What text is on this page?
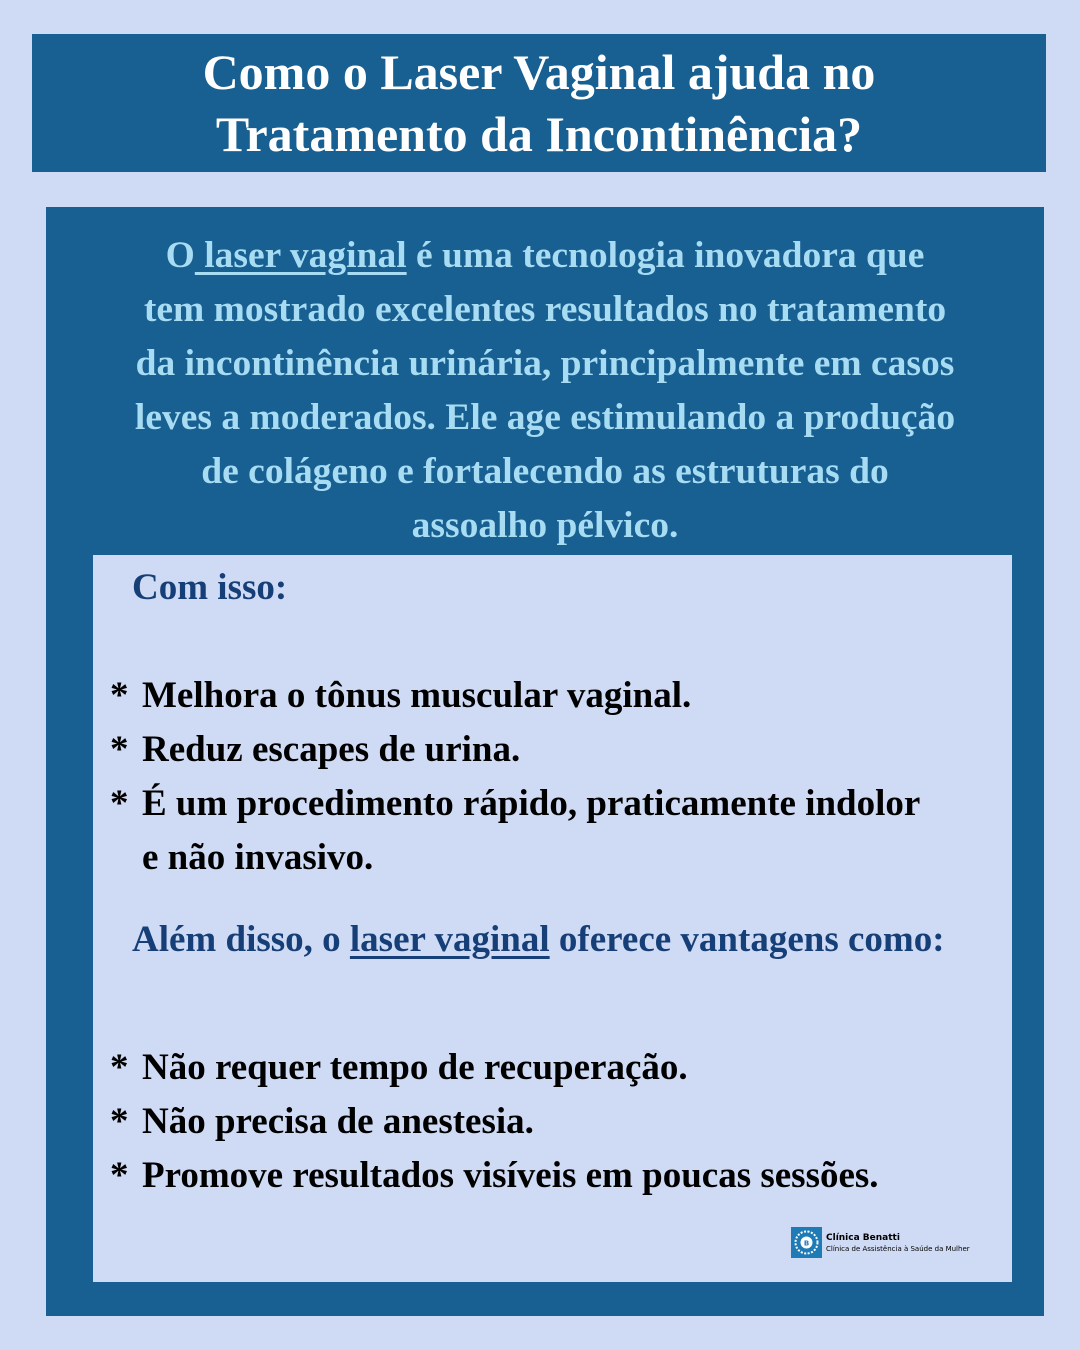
Como o Laser Vaginal ajuda no
Tratamento da Incontinência?
O laser vaginal é uma tecnologia inovadora que
tem mostrado excelentes resultados no tratamento
da incontinência urinária, principalmente em casos
leves a moderados. Ele age estimulando a produção
de colágeno e fortalecendo as estruturas do
assoalho pélvico.
Com isso:
* Melhora o tônus muscular vaginal.
* Reduz escapes de urina.
* É um procedimento rápido, praticamente indolor e não invasivo.
Além disso, o laser vaginal oferece vantagens como:
* Não requer tempo de recuperação.
* Não precisa de anestesia.
* Promove resultados visíveis em poucas sessões.
B
Clínica Benatti
Clínica de Assistência à Saúde da Mulher
